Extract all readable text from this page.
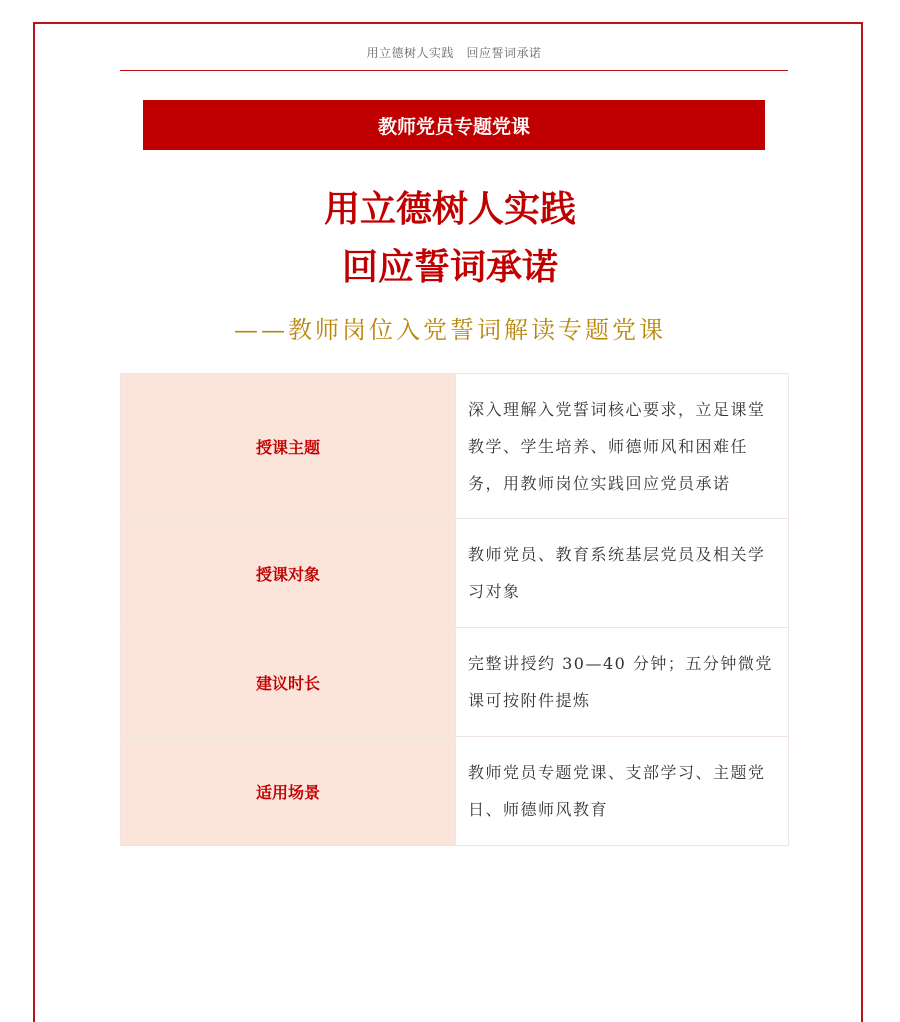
用立德树人实践　回应誓词承诺
教师党员专题党课
用立德树人实践
回应誓词承诺
——教师岗位入党誓词解读专题党课
授课主题	深入理解入党誓词核心要求，立足课堂教学、学生培养、师德师风和困难任务，用教师岗位实践回应党员承诺
授课对象	教师党员、教育系统基层党员及相关学习对象
建议时长	完整讲授约 30—40 分钟；五分钟微党课可按附件提炼
适用场景	教师党员专题党课、支部学习、主题党日、师德师风教育
